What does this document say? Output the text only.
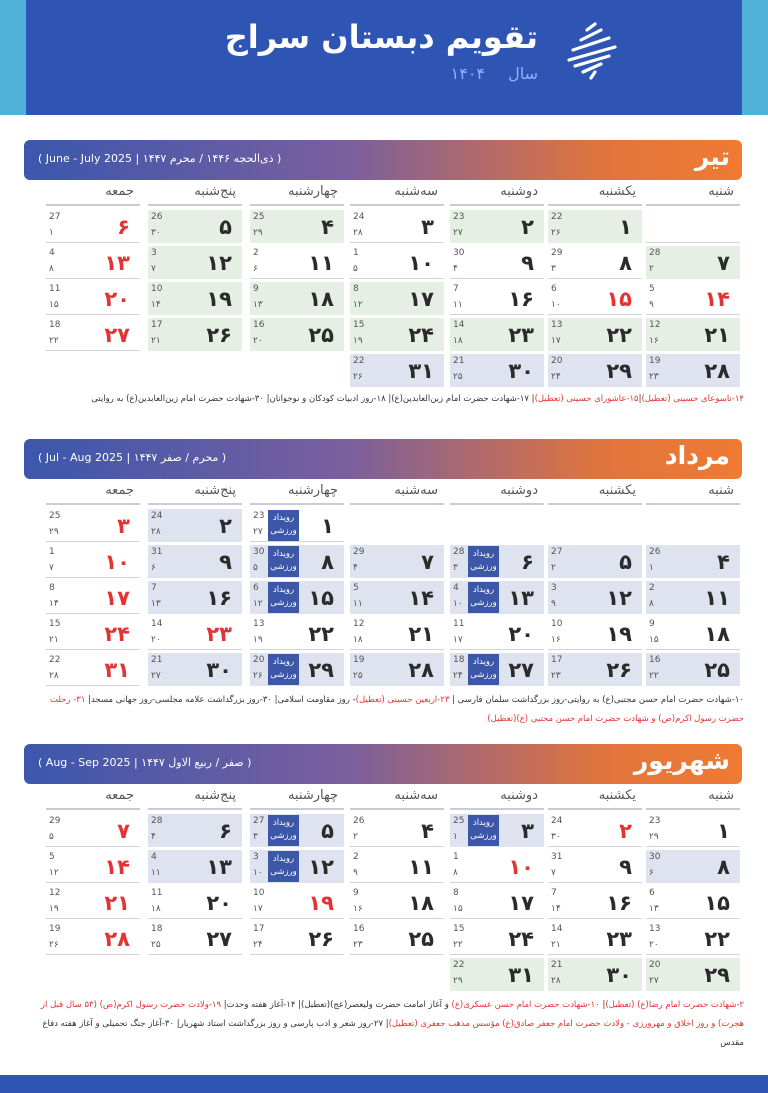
تقویم دبستان سراج
سال ۱۴۰۴
تیر
( June - July 2025 | ذی‌الحجه ۱۴۴۶ / محرم ۱۴۴۷ )
شنبه
یکشنبه
دوشنبه
سه‌شنبه
چهارشنبه
پنج‌شنبه
جمعه
۱
22
۲۶
۲
23
۲۷
۳
24
۲۸
۴
25
۲۹
۵
26
۳۰
۶
27
۱
۷
28
۲
۸
29
۳
۹
30
۴
۱۰
1
۵
۱۱
2
۶
۱۲
3
۷
۱۳
4
۸
۱۴
5
۹
۱۵
6
۱۰
۱۶
7
۱۱
۱۷
8
۱۲
۱۸
9
۱۳
۱۹
10
۱۴
۲۰
11
۱۵
۲۱
12
۱۶
۲۲
13
۱۷
۲۳
14
۱۸
۲۴
15
۱۹
۲۵
16
۲۰
۲۶
17
۲۱
۲۷
18
۲۲
۲۸
19
۲۳
۲۹
20
۲۴
۳۰
21
۲۵
۳۱
22
۲۶
۱۴-تاسوعای حسینی (تعطیل)|۱۵-عاشورای حسینی (تعطیل)| ۱۷-شهادت حضرت امام زین‌العابدین(ع)| ۱۸-روز ادبیات کودکان و نوجوانان| ۳۰-شهادت حضرت امام زین‌العابدین(ع) به روایتی
مرداد
( Jul - Aug 2025 | محرم / صفر ۱۴۴۷ )
شنبه
یکشنبه
دوشنبه
سه‌شنبه
چهارشنبه
پنج‌شنبه
جمعه
۱
23
۲۷
رویداد
ورزشی
۲
24
۲۸
۳
25
۲۹
۴
26
۱
۵
27
۲
۶
28
۳
رویداد
ورزشی
۷
29
۴
۸
30
۵
رویداد
ورزشی
۹
31
۶
۱۰
1
۷
۱۱
2
۸
۱۲
3
۹
۱۳
4
۱۰
رویداد
ورزشی
۱۴
5
۱۱
۱۵
6
۱۲
رویداد
ورزشی
۱۶
7
۱۳
۱۷
8
۱۴
۱۸
9
۱۵
۱۹
10
۱۶
۲۰
11
۱۷
۲۱
12
۱۸
۲۲
13
۱۹
۲۳
14
۲۰
۲۴
15
۲۱
۲۵
16
۲۲
۲۶
17
۲۳
۲۷
18
۲۴
رویداد
ورزشی
۲۸
19
۲۵
۲۹
20
۲۶
رویداد
ورزشی
۳۰
21
۲۷
۳۱
22
۲۸
۱۰-شهادت حضرت امام حسن مجتبی(ع) به روایتی-روز بزرگداشت سلمان فارسی | ۲۳-اربعین حسینی (تعطیل)- روز مقاومت اسلامی| ۳۰-روز بزرگداشت علامه مجلسی-روز جهانی مسجد| ۳۱- رحلت حضرت رسول اکرم(ص) و شهادت حضرت امام حسن مجتبی (ع)(تعطیل)
شهریور
( Aug - Sep 2025 | صفر / ربیع الاول ۱۴۴۷ )
شنبه
یکشنبه
دوشنبه
سه‌شنبه
چهارشنبه
پنج‌شنبه
جمعه
۱
23
۲۹
۲
24
۳۰
۳
25
۱
رویداد
ورزشی
۴
26
۲
۵
27
۳
رویداد
ورزشی
۶
28
۴
۷
29
۵
۸
30
۶
۹
31
۷
۱۰
1
۸
۱۱
2
۹
۱۲
3
۱۰
رویداد
ورزشی
۱۳
4
۱۱
۱۴
5
۱۲
۱۵
6
۱۳
۱۶
7
۱۴
۱۷
8
۱۵
۱۸
9
۱۶
۱۹
10
۱۷
۲۰
11
۱۸
۲۱
12
۱۹
۲۲
13
۲۰
۲۳
14
۲۱
۲۴
15
۲۲
۲۵
16
۲۳
۲۶
17
۲۴
۲۷
18
۲۵
۲۸
19
۲۶
۲۹
20
۲۷
۳۰
21
۲۸
۳۱
22
۲۹
۲-شهادت حضرت امام رضا(ع) (تعطیل)| ۱۰-شهادت حضرت امام حسن عسکری(ع) و آغاز امامت حضرت ولیعصر(عج)(تعطیل)| ۱۴-آغاز هفته وحدت| ۱۹-ولادت حضرت رسول اکرم(ص) (۵۳ سال قبل از هجرت) و روز اخلاق و مهرورزی - ولادت حضرت امام جعفر صادق(ع) مؤسس مذهب جعفری (تعطیل)| ۲۷-روز شعر و ادب پارسی و روز بزرگداشت استاد شهریار| ۳۰-آغاز جنگ تحمیلی و آغاز هفته دفاع مقدس
